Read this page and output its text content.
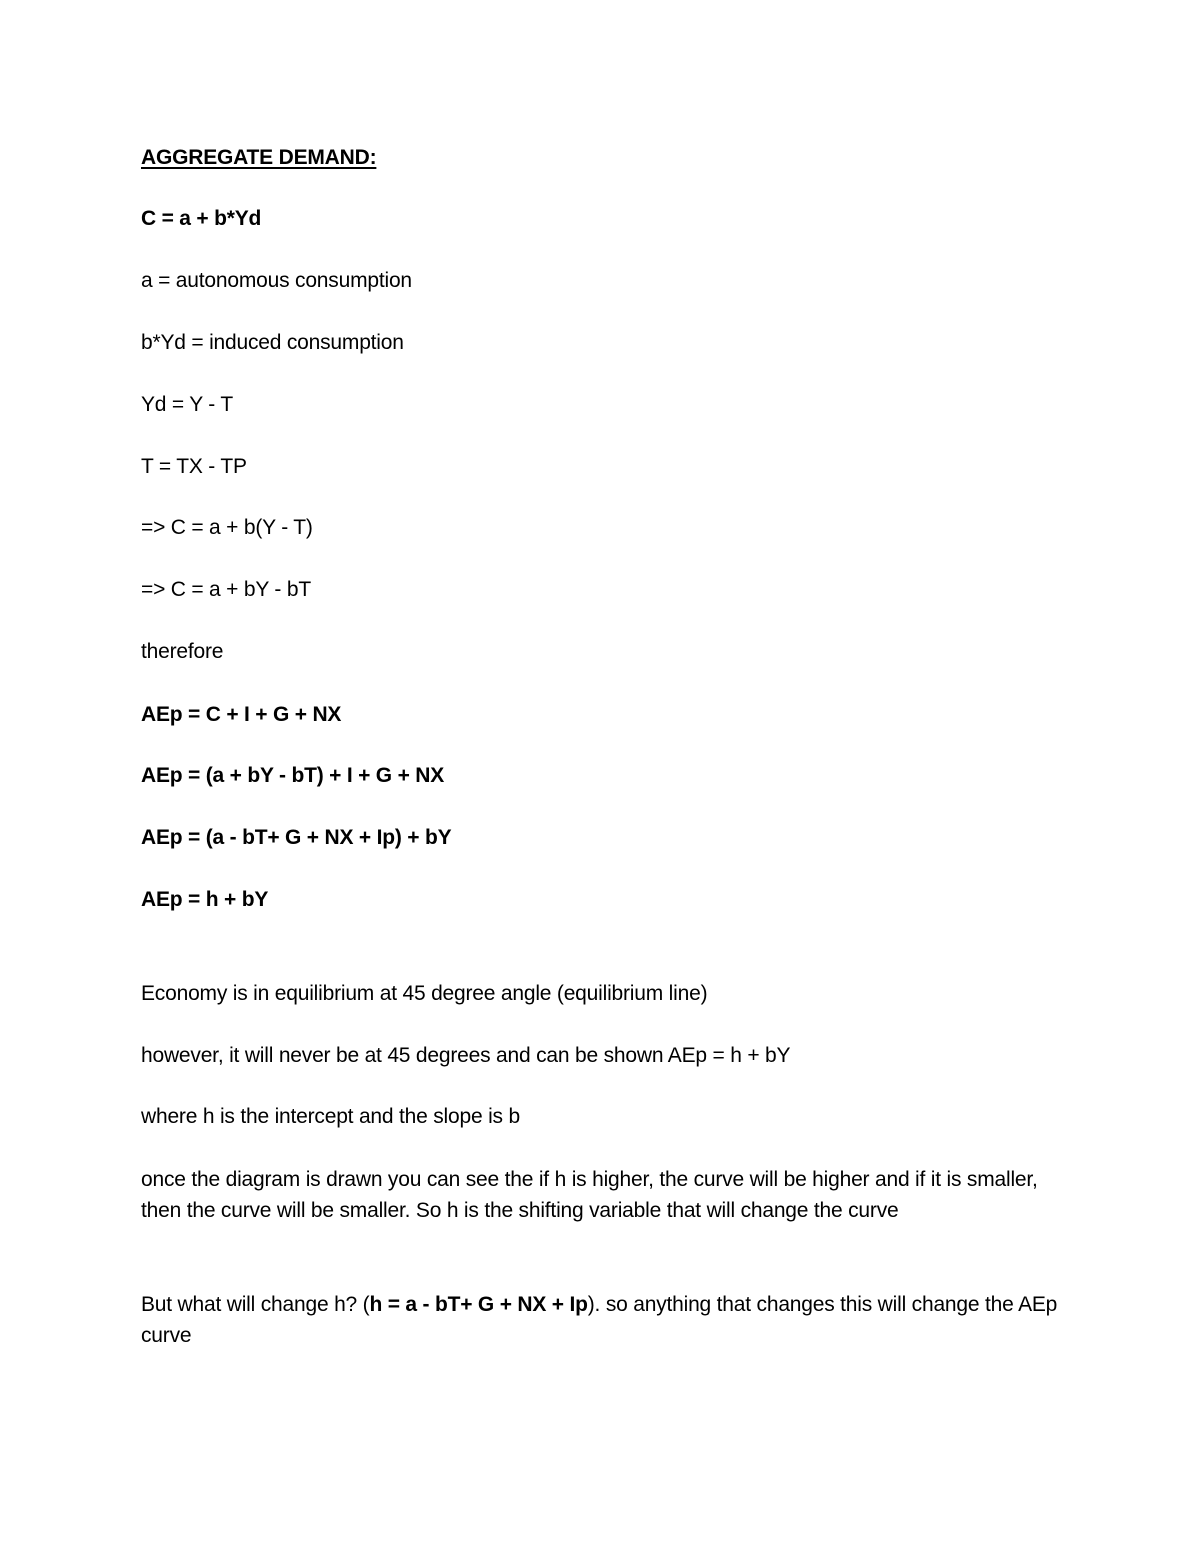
AGGREGATE DEMAND:
C = a + b*Yd
a = autonomous consumption
b*Yd = induced consumption
Yd = Y - T
T = TX - TP
=> C = a + b(Y - T)
=> C = a + bY - bT
therefore
AEp = C + I + G + NX
AEp = (a + bY - bT) + I + G + NX
AEp = (a - bT+ G + NX + Ip) + bY
AEp = h + bY
Economy is in equilibrium at 45 degree angle (equilibrium line)
however, it will never be at 45 degrees and can be shown AEp = h + bY
where h is the intercept and the slope is b
once the diagram is drawn you can see the if h is higher, the curve will be higher and if it is smaller, then the curve will be smaller. So h is the shifting variable that will change the curve
But what will change h? (h = a - bT+ G + NX + Ip). so anything that changes this will change the AEp curve
